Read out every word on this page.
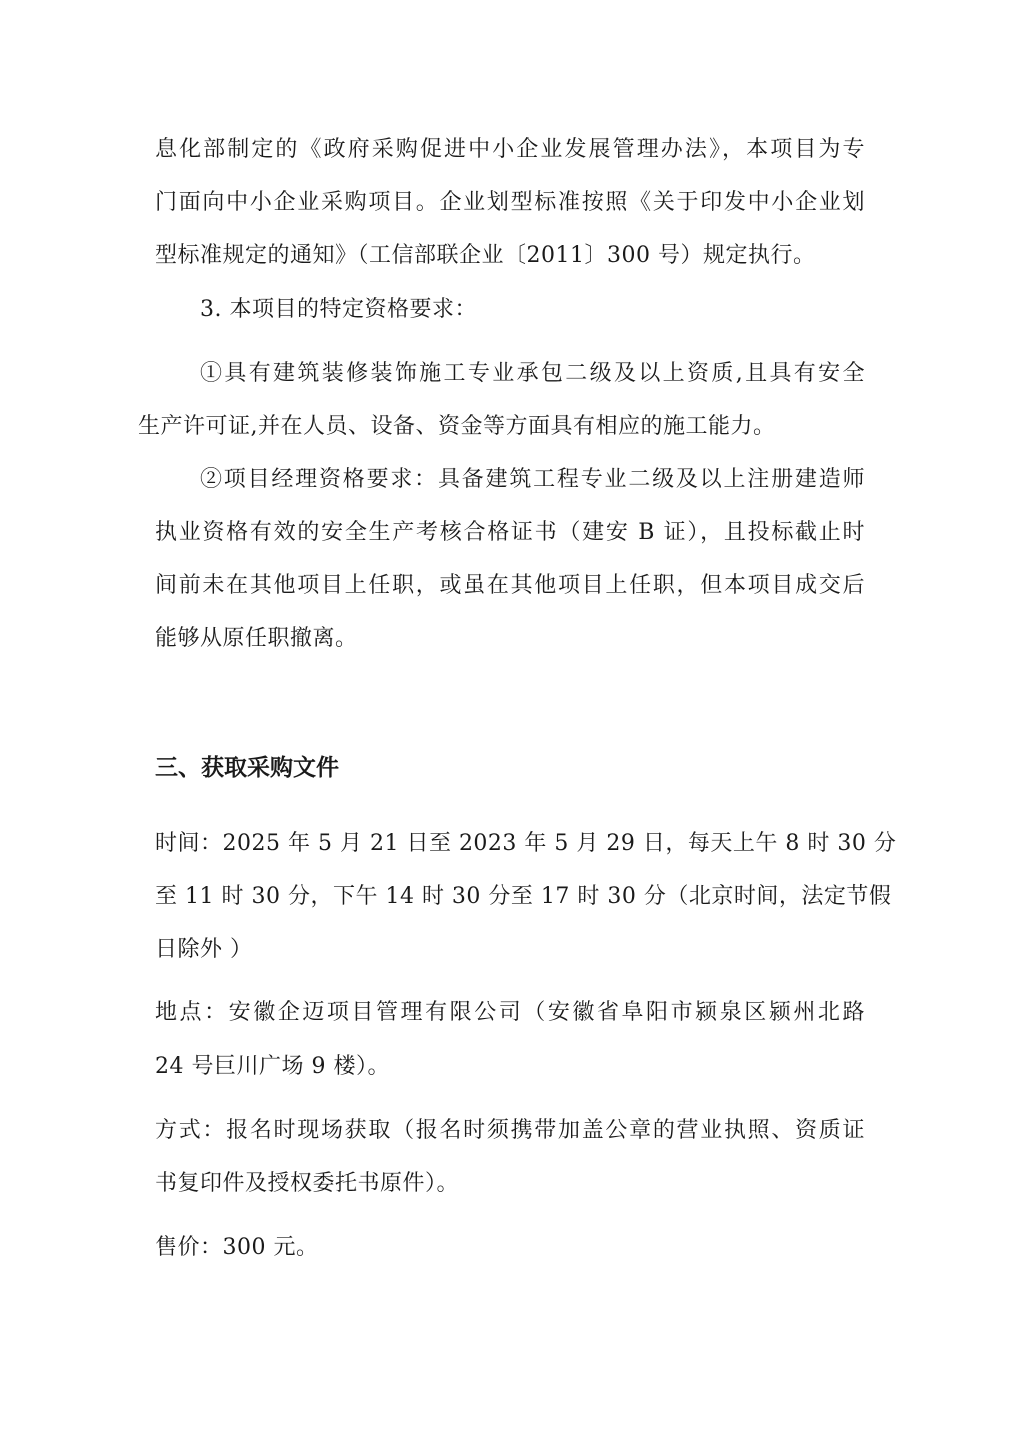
息化部制定的《政府采购促进中小企业发展管理办法》，本项目为专
门面向中小企业采购项目。企业划型标准按照《关于印发中小企业划
型标准规定的通知》（工信部联企业〔2011〕300 号）规定执行。
3. 本项目的特定资格要求：
①具有建筑装修装饰施工专业承包二级及以上资质,且具有安全
生产许可证,并在人员、设备、资金等方面具有相应的施工能力。
②项目经理资格要求：具备建筑工程专业二级及以上注册建造师
执业资格有效的安全生产考核合格证书（建安 B 证），且投标截止时
间前未在其他项目上任职，或虽在其他项目上任职，但本项目成交后
能够从原任职撤离。
三、获取采购文件
时间：2025 年 5 月 21 日至 2023 年 5 月 29 日，每天上午 8 时 30 分
至 11 时 30 分，下午 14 时 30 分至 17 时 30 分（北京时间，法定节假
日除外 ）
地点：安徽企迈项目管理有限公司（安徽省阜阳市颍泉区颍州北路
24 号巨川广场 9 楼）。
方式：报名时现场获取（报名时须携带加盖公章的营业执照、资质证
书复印件及授权委托书原件）。
售价：300 元。
